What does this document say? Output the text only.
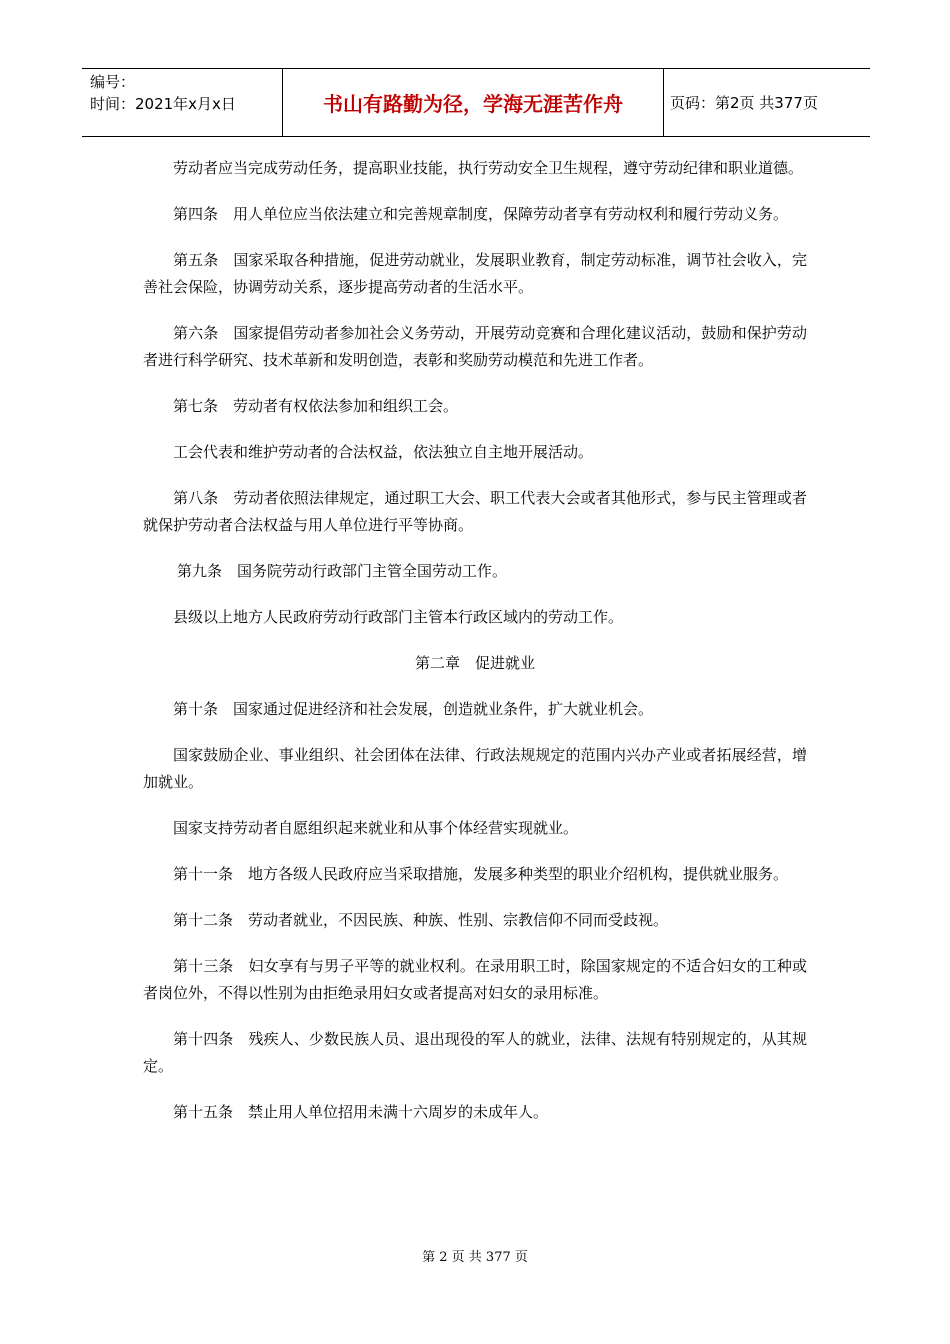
编号：
时间：2021年x月x日	书山有路勤为径，学海无涯苦作舟	页码：第2页 共377页

劳动者应当完成劳动任务，提高职业技能，执行劳动安全卫生规程，遵守劳动纪律和职业道德。

第四条　用人单位应当依法建立和完善规章制度，保障劳动者享有劳动权利和履行劳动义务。

第五条　国家采取各种措施，促进劳动就业，发展职业教育，制定劳动标准，调节社会收入，完善社会保险，协调劳动关系，逐步提高劳动者的生活水平。

第六条　国家提倡劳动者参加社会义务劳动，开展劳动竞赛和合理化建议活动，鼓励和保护劳动者进行科学研究、技术革新和发明创造，表彰和奖励劳动模范和先进工作者。

第七条　劳动者有权依法参加和组织工会。

工会代表和维护劳动者的合法权益，依法独立自主地开展活动。

第八条　劳动者依照法律规定，通过职工大会、职工代表大会或者其他形式，参与民主管理或者就保护劳动者合法权益与用人单位进行平等协商。

第九条　国务院劳动行政部门主管全国劳动工作。

县级以上地方人民政府劳动行政部门主管本行政区域内的劳动工作。

第二章　促进就业

第十条　国家通过促进经济和社会发展，创造就业条件，扩大就业机会。

国家鼓励企业、事业组织、社会团体在法律、行政法规规定的范围内兴办产业或者拓展经营，增加就业。

国家支持劳动者自愿组织起来就业和从事个体经营实现就业。

第十一条　地方各级人民政府应当采取措施，发展多种类型的职业介绍机构，提供就业服务。

第十二条　劳动者就业，不因民族、种族、性别、宗教信仰不同而受歧视。

第十三条　妇女享有与男子平等的就业权利。在录用职工时，除国家规定的不适合妇女的工种或者岗位外，不得以性别为由拒绝录用妇女或者提高对妇女的录用标准。

第十四条　残疾人、少数民族人员、退出现役的军人的就业，法律、法规有特别规定的，从其规定。

第十五条　禁止用人单位招用未满十六周岁的未成年人。

第 2 页 共 377 页
